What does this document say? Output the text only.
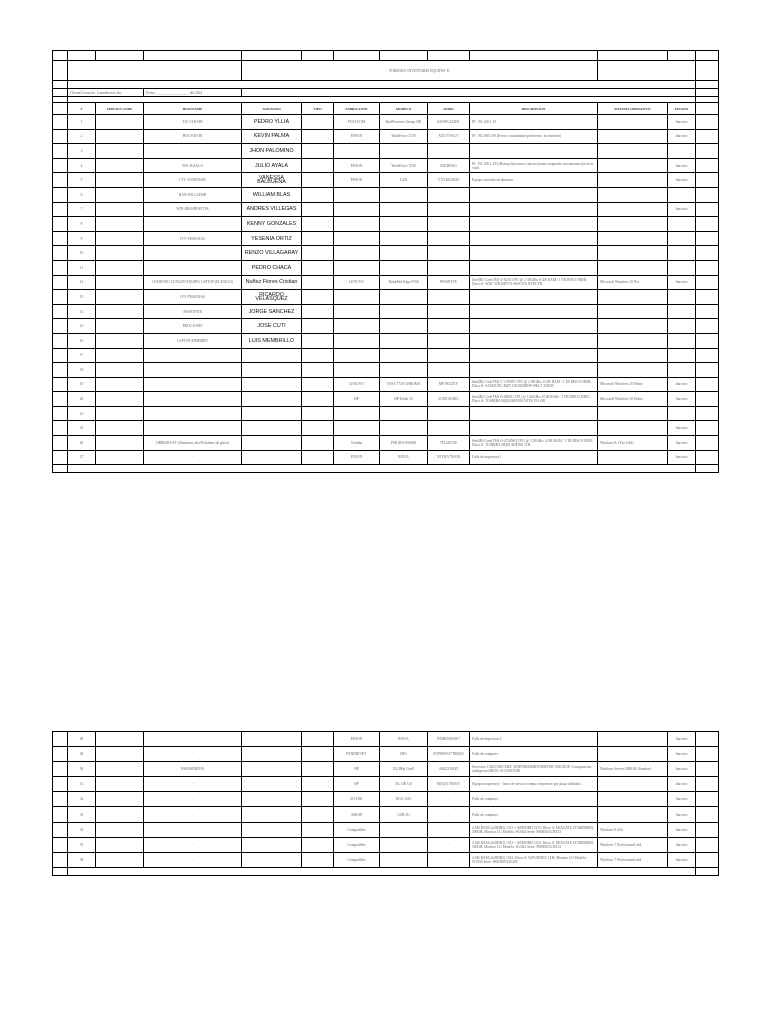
				FORMATO INVENTARIO EQUIPOS TI								

	Cliente/Locación: Lomasbravas,Inc.		Fecha: __________________ del 2024									

	#	SERVICE CODE	HOSTNAME	ASIGNADO	TIPO	FABRICANTE	MODELO	SERIE	DESCRIPCION	SISTEMA OPERATIVO	ESTADO	
	1		TIC-LYNARI	PEDRO YLLIA		POLYCOM	RealPresence Group 500	8219FC4A2EE	IP: 192.168.1.10		Inactivo	
	2		BOC-KEVIN	KEVIN PALMA		EPSON	WorkForce 3720	X5GY761GY	IP: 192.168.1.90 (Every consultantial preference, no muestra)		Inactivo	
	3			JHON PALOMINO								
	4		WIL-B.SALA	JULIO AYALA		EPSON	WorkForce 7030	S5U2RG61	IP: 192.168.1.193 (Rotary/inyectores cancsos poner resguardo, documentación de la cola)		Inactivo	
	5		CTL-VANESSAR	VANESSA BALBUENA		EPSON	L455	VXYK025629	Equipo averiado en almacen		Inactivo	
	6		RAN-WILLIAMB	WILLIAM BLAS								
	7		WIN-ORG/PRACTIA	ANDRES VILLEGAS							Inactivo	
	8			KENNY GONZALES								
	9		IVV-YESENIAS	YESENIA ORTIZ								
	10			RENZO VILLAGARAY								
	11			PEDRO CHACA								
	12		OCHETSIC-LEXGON EQUIPO LAPTOP (ELEGIGO)	Nuñez Flores Cristian		LENOVO	ThinkPad Edge E550	PF0SNT3X	Intel(R) Core(TM) i5-6210 CPU @ 2.30GHz; 8 GB RAM / 1 TB DISCO HDD; Disco S: WDC WD10JPVX-60JC3T0 NTFS TB	Microsoft Windows 10 Pro	Inactivo	
	13		IVV-YESENIAS	RICARDO VELASQUEZ								
	14		ASISTENTE	JORGE SANCHEZ								
	15		PROC.JOSEJ	JOSE CUTI								
	16		LAPTOP-MMPMBV	LUIS MEMBRILLO								
	17											
	18											
	19					LENOVO	TOSA 7730 CHROMA	MP7HZZXY	Intel(R) Core(TM) i7-10700T CPU @ 2.00GHz; 8 GB RAM / 1 TB DISCO HDD; Disco S: SAMSUNG MZVLW256HEHP-000L7 256GB	Microsoft Windows 10 Home	Inactivo	
	20					HP	HP Elitek 15	5CD01012R5	Intel(R) Core(TM) i5-8265U CPU @ 1.60GHz; 8 GB RAM / 1 TB DISCO HDD; Disco S: TOSHIBA MQ04ABF100 NTFS 931 GB	Microsoft Windows 10 Home	Inactivo	
	21											
	22										Inactivo	
	26		ORBISDA-PC (Daminon, alto/Problema de ghost)			Toshiba	PSK1RU-006006	7E162078U	Intel(R) Core(TM) i3-4710MQ CPU @ 2.50GHz; 4 GB RAM / 1 TB DISCO HDD; Disco S: TOSHIBA MQ01ABF050 1TB	Windows 8.1 Pro (x64)	Inactivo	
	27		-			EPSON	R815A	X5YKA7W01R	Falla de impresora 1		Inactivo	

	28		-			EPSON	R815A	X5MKW004U7	Falla de impresora 2		Inactivo	
	29		-			PANDRIVEY	IMG	SN78985517TR0041	Falla de computer		Inactivo	
	30		PARASERVER			HP	DL380p Gen8	2M223102ZJ	Servicios: CISCOSECURE, SERVERADMIN/SERVER, BACKUP; Computacion, inteligencia/BIOS; ACCESOS/BI	Windows Server 2008 R2 Standard	Inactivo	
	31		-			HP	DL 180 G6	MXQ1170001V	Equipo inoperativo - fuera de servicio campo respuestos por plaza sellizada		Inactivo	
	32		-			D-LINK	DGS-1210	-	Falla de computer		Inactivo	
	33		-			ASRAP	USB 2G	-	Falla de computer		Inactivo	
	35		-			Compatibles	-	-	4 GB RAM (2xDDR3) 1333 + ADISDRD 1333; Disco S: SEAGATE ST500DM002 500GB; Monitor LG Modelo: W2043 Serie: 906NDJA1NZ31	Windows 8 x64	Inactivo	
	37		-			Compatibles	-	-	4 GB RAM (2xDDR3) 1333 + ADISDRD 1333; Disco S: SEAGATE ST500DM002 500GB; Monitor LG Modelo: W2043 Serie: 906NDJA1NZ31	Windows 7 Professional x64	Inactivo	
	38		-			Compatibles	-	-	4 GB RAM (2xDDR3) 1333; Disco S: WD10EZEX 1TB; Monitor LG Modelo: W1943 Serie: 906NDEA5S439	Windows 7 Professional x64	Inactivo	
